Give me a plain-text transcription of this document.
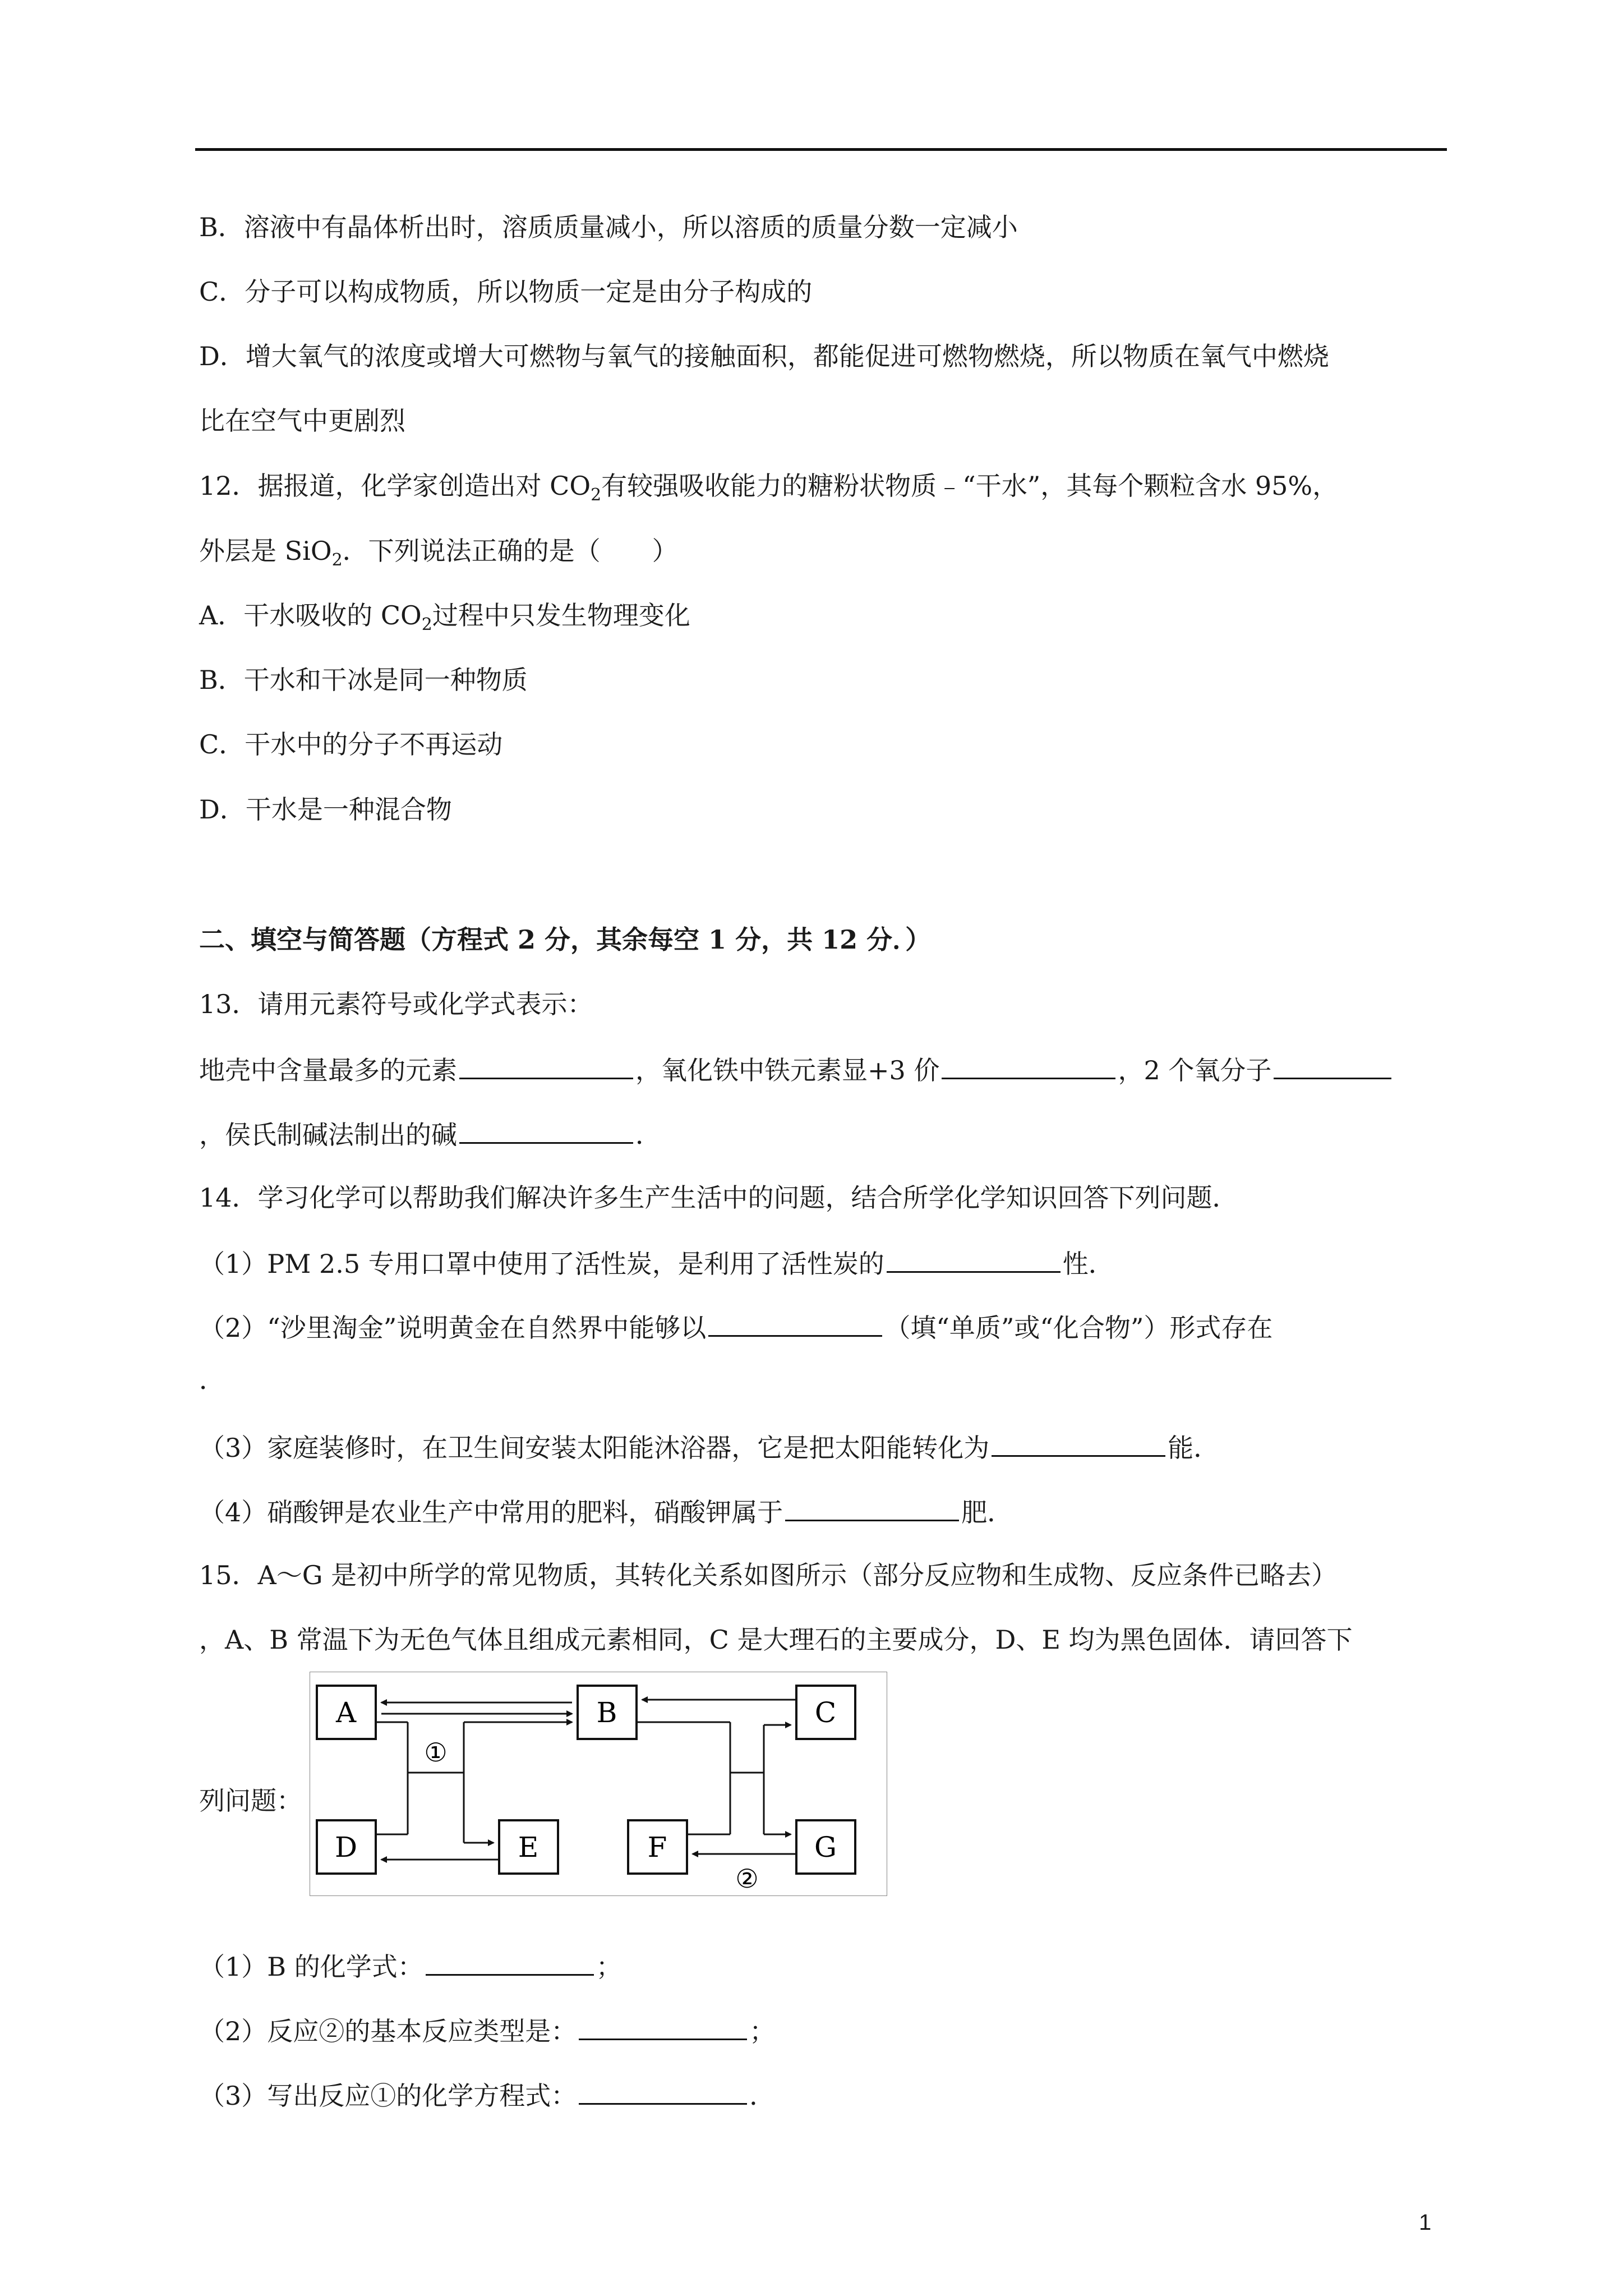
B．溶液中有晶体析出时，溶质质量减小，所以溶质的质量分数一定减小
C．分子可以构成物质，所以物质一定是由分子构成的
D．增大氧气的浓度或增大可燃物与氧气的接触面积，都能促进可燃物燃烧，所以物质在氧气中燃烧
比在空气中更剧烈
12．据报道，化学家创造出对 $CO_2$有较强吸收能力的糖粉状物质﹣“干水”，其每个颗粒含水 95%，
外层是 SiO$_2$．下列说法正确的是（　　）
A．干水吸收的 $CO_2$过程中只发生物理变化
B．干水和干冰是同一种物质
C．干水中的分子不再运动
D．干水是一种混合物
二、填空与简答题（方程式 2 分，其余每空 1 分，共 12 分．）
13．请用元素符号或化学式表示：
地壳中含量最多的元素	，氧化铁中铁元素显+3 价	，2 个氧分子
，侯氏制碱法制出的碱	．
14．学习化学可以帮助我们解决许多生产生活中的问题，结合所学化学知识回答下列问题．
（1）PM 2.5 专用口罩中使用了活性炭，是利用了活性炭的	性．
（2）“沙里淘金”说明黄金在自然界中能够以	（填“单质”或“化合物”）形式存在
．
（3）家庭装修时，在卫生间安装太阳能沐浴器，它是把太阳能转化为	能．
（4）硝酸钾是农业生产中常用的肥料，硝酸钾属于	肥．
15．A～G 是初中所学的常见物质，其转化关系如图所示（部分反应物和生成物、反应条件已略去）
，A、B 常温下为无色气体且组成元素相同，C 是大理石的主要成分，D、E 均为黑色固体．请回答下
列问题：
A	B	C
D	E	F	G
①
②
（1）B 的化学式：	；
（2）反应②的基本反应类型是：	；
（3）写出反应①的化学方程式：	．
1
